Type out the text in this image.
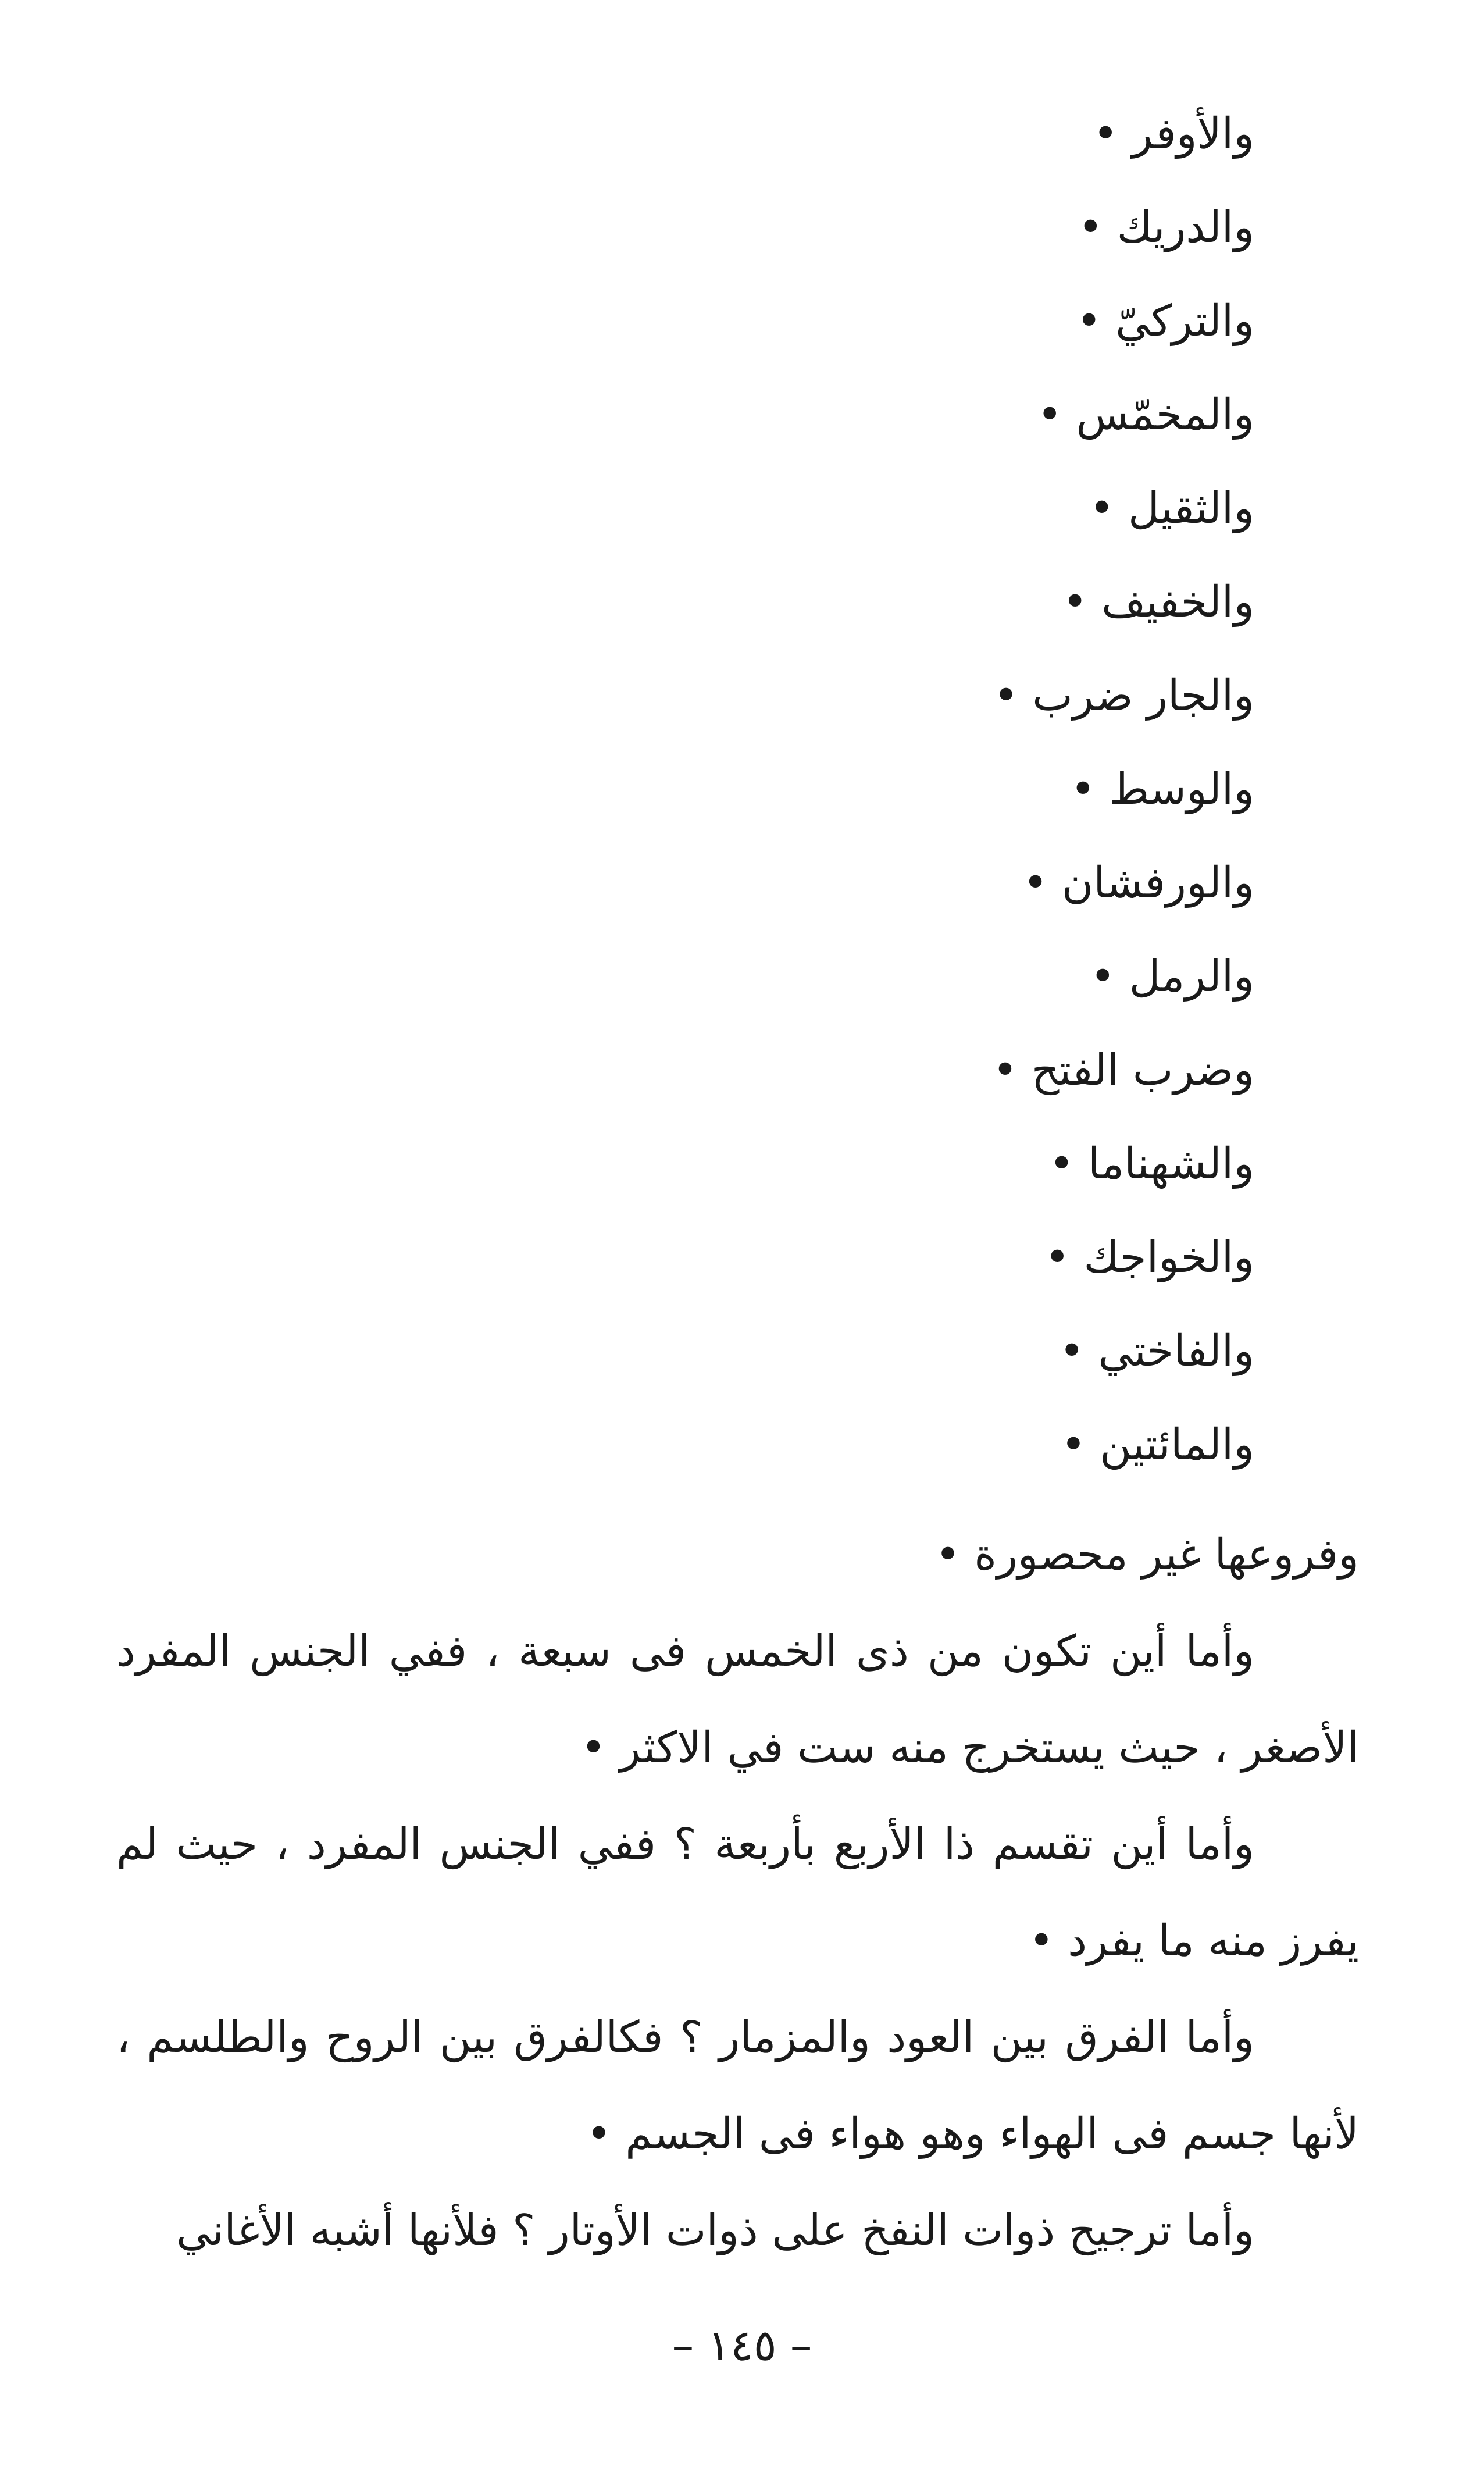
والأوفر •
والدريك •
والتركيّ •
والمخمّس •
والثقيل •
والخفيف •
والجار ضرب •
والوسط •
والورفشان •
والرمل •
وضرب الفتح •
والشهناما •
والخواجك •
والفاختي •
والمائتين •

وفروعها غير محصورة •

وأما أين تكون من ذى الخمس فى سبعة ، ففي الجنس المفرد الأصغر ، حيث يستخرج منه ست في الاكثر •

وأما أين تقسم ذا الأربع بأربعة ؟ ففي الجنس المفرد ، حيث لم يفرز منه ما يفرد •

وأما الفرق بين العود والمزمار ؟ فكالفرق بين الروح والطلسم ، لأنها جسم فى الهواء وهو هواء فى الجسم •

وأما ترجيح ذوات النفخ على ذوات الأوتار ؟ فلأنها أشبه الأغاني

– ١٤٥ –
